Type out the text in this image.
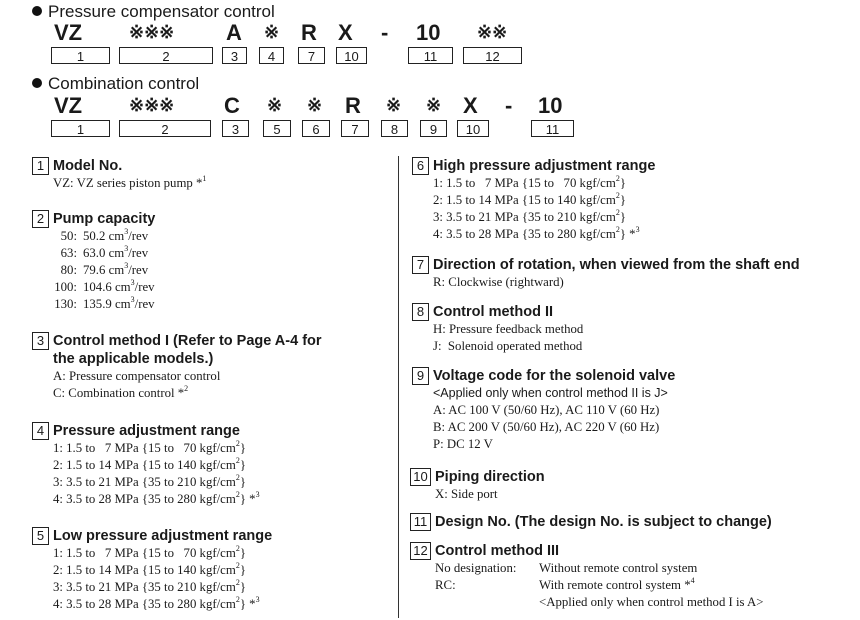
Pressure compensator control
VZ	※※※ A ※ R X - 10 ※※
1	2	3	4	7	10	11	12
Combination control
VZ	※※※ C ※ ※ R ※ ※ X - 10
1	2	3	5	6	7	8	9	10	11
1 Model No.
VZ: VZ series piston pump *$^1$
2 Pump capacity
50: 50.2 $cm^3$/rev
63: 63.0 $cm^3$/rev
80: 79.6 $cm^3$/rev
100: 104.6 $cm^3$/rev
130: 135.9 $cm^3$/rev
3 Control method I (Refer to Page A-4 for
the applicable models.)
A: Pressure compensator control
C: Combination control *$^2$
4 Pressure adjustment range
1: 1.5 to   7 MPa {15 to   70 kgf/$cm^2$}
2: 1.5 to 14 MPa {15 to 140 kgf/$cm^2$}
3: 3.5 to 21 MPa {35 to 210 kgf/$cm^2$}
4: 3.5 to 28 MPa {35 to 280 kgf/$cm^2$} *$^3$
5 Low pressure adjustment range
1: 1.5 to   7 MPa {15 to   70 kgf/$cm^2$}
2: 1.5 to 14 MPa {15 to 140 kgf/$cm^2$}
3: 3.5 to 21 MPa {35 to 210 kgf/$cm^2$}
4: 3.5 to 28 MPa {35 to 280 kgf/$cm^2$} *$^3$
6 High pressure adjustment range
1: 1.5 to   7 MPa {15 to   70 kgf/$cm^2$}
2: 1.5 to 14 MPa {15 to 140 kgf/$cm^2$}
3: 3.5 to 21 MPa {35 to 210 kgf/$cm^2$}
4: 3.5 to 28 MPa {35 to 280 kgf/$cm^2$} *$^3$
7 Direction of rotation, when viewed from the shaft end
R: Clockwise (rightward)
8 Control method II
H: Pressure feedback method
J:  Solenoid operated method
9 Voltage code for the solenoid valve
<Applied only when control method II is J>
A: AC 100 V (50/60 Hz), AC 110 V (60 Hz)
B: AC 200 V (50/60 Hz), AC 220 V (60 Hz)
P: DC 12 V
10 Piping direction
X: Side port
11 Design No. (The design No. is subject to change)
12 Control method III
No designation: Without remote control system
RC:	With remote control system *$^4$
<Applied only when control method I is A>
